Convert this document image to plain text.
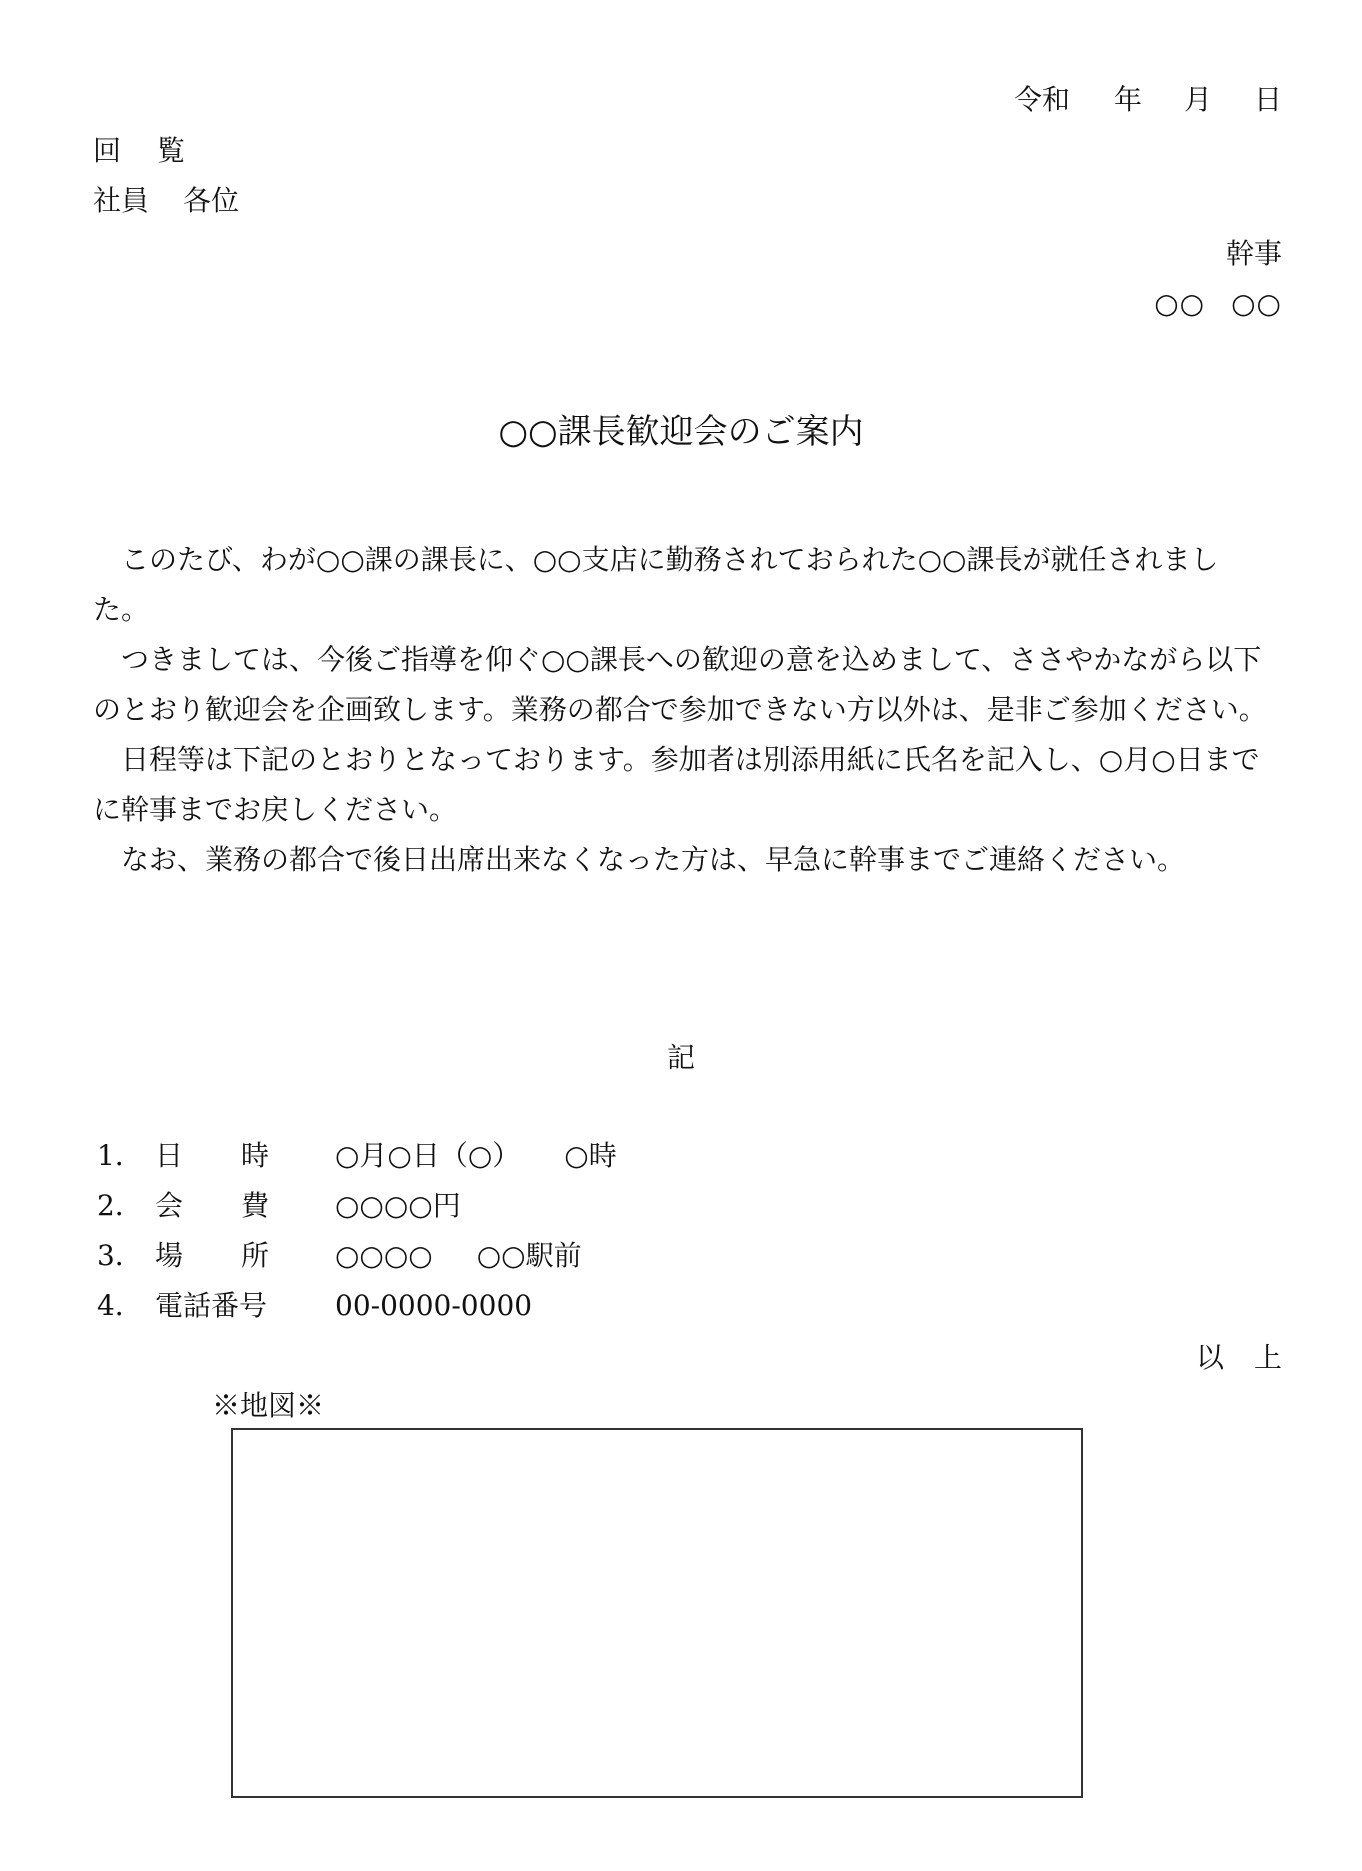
令和 年 月 日
回 覧
社員 各位
幹事
○○ ○○
○○課長歓迎会のご案内

このたび、わが○○課の課長に、○○支店に勤務されておられた○○課長が就任されました。

つきましては、今後ご指導を仰ぐ○○課長への歓迎の意を込めまして、ささやかながら以下のとおり歓迎会を企画致します。業務の都合で参加できない方以外は、是非ご参加ください。

日程等は下記のとおりとなっております。参加者は別添用紙に氏名を記入し、○月○日までに幹事までお戻しください。

なお、業務の都合で後日出席出来なくなった方は、早急に幹事までご連絡ください。

記
1． 日 時 ○月○日（○） ○時
2． 会 費 ○○○○円
3． 場 所 ○○○○ ○○駅前
4． 電話番号 00-0000-0000
以 上
※地図※
